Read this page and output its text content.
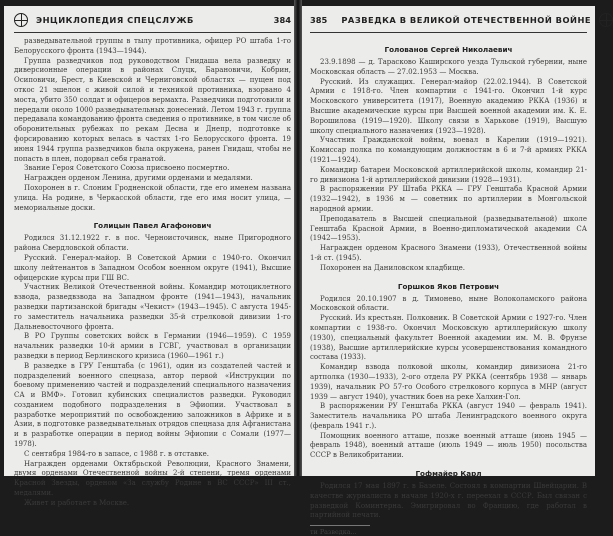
ЭНЦИКЛОПЕДИЯ СПЕЦСЛУЖБ	384

разведывательной группы в тылу противника, офицер РО штаба 1-го Белорусского фронта (1943—1944).

Группа разведчиков под руководством Гнидаша вела разведку и диверсионные операции в районах Слуцк, Барановичи, Кобрин, Осиповичи, Брест, в Киевской и Черниговской областях — пущен под откос 21 эшелон с живой силой и техникой противника, взорвано 4 моста, убито 350 солдат и офицеров вермахта. Разведчики подготовили и передали около 1000 разведывательных донесений. Летом 1943 г. группа передавала командованию фронта сведения о противнике, в том числе об оборонительных рубежах по рекам Десна и Днепр, подготовке к форсированию которых велась в частях 1-го Белорусского фронта. 19 июня 1944 группа разведчиков была окружена, ранен Гнидаш, чтобы не попасть в плен, подорвал себя гранатой.

Звание Героя Советского Союза присвоено посмертно.

Награжден орденом Ленина, другими орденами и медалями.

Похоронен в г. Слоним Гродненской области, где его именем названа улица. На родине, в Черкасской области, где его имя носит улица, — мемориальные доски.

Голицын Павел Агафонович

Родился 31.12.1922 г. в пос. Черноисточинск, ныне Пригородного района Свердловской области.

Русский. Генерал-майор. В Советской Армии с 1940-го. Окончил школу лейтенантов в Западном Особом военном округе (1941), Высшие офицерские курсы при ГШ ВС.

Участник Великой Отечественной войны. Командир мотоциклетного взвода, разведвзвода на Западном фронте (1941—1943), начальник разведки партизанской бригады «Чекист» (1943—1945). С августа 1945-го заместитель начальника разведки 35-й стрелковой дивизии 1-го Дальневосточного фронта.

В РО Группы советских войск в Германии (1946—1959). С 1959 начальник разведки 10-й армии в ГСВГ, участвовал в организации разведки в период Берлинского кризиса (1960—1961 г.)

В разведке в ГРУ Генштаба (с 1961), один из создателей частей и подразделений военного спецназа, автор первой «Инструкции по боевому применению частей и подразделений специального назначения СА и ВМФ». Готовил кубинских специалистов разведки. Руководил созданием подобного подразделения в Эфиопии. Участвовал в разработке мероприятий по освобождению заложников в Африке и в Азии, в подготовке разведывательных отрядов спецназа для Афганистана и в разработке операции в период войны Эфиопии с Сомали (1977—1978).

С сентября 1984-го в запасе, с 1988 г. в отставке.

Награжден орденами Октябрьской Революции, Красного Знамени, двумя орденами Отечественной войны 2-й степени, тремя орденами Красной Звезды, орденом «За службу Родине в ВС СССР» III ст., медалями.

Живет и работает в Москве.

385 РАЗВЕДКА В ВЕЛИКОЙ ОТЕЧЕСТВЕННОЙ ВОЙНЕ
Голованов Сергей Николаевич

23.9.1898 — д. Тарасково Каширского уезда Тульской губернии, ныне Московская область — 27.02.1953 — Москва.

Русский. Из служащих. Генерал-майор (22.02.1944). В Советской Армии с 1918-го. Член компартии с 1941-го. Окончил 1-й курс Московского университета (1917), Военную академию РККА (1936) и Высшие академические курсы при Высшей военной академии им. К. Е. Ворошилова (1919—1920). Школу связи в Харькове (1919), Высшую школу специального назначения (1923—1928).

Участник Гражданской войны, воевал в Карелии (1919—1921). Комиссар полка по командующим должностям в 6 и 7-й армиях РККА (1921—1924).

Командир батареи Московской артиллерийской школы, командир 21-го дивизиона 1-й артиллерийской дивизии (1928—1931).

В распоряжении РУ Штаба РККА — ГРУ Генштаба Красной Армии (1932—1942), в 1936 м — советник по артиллерии в Монгольской народной армии.

Преподаватель в Высшей специальной (разведывательной) школе Генштаба Красной Армии, в Военно-дипломатической академии СА (1942—1953).

Награжден орденом Красного Знамени (1933), Отечественной войны 1-й ст. (1945).

Похоронен на Даниловском кладбище.

Горшков Яков Петрович

Родился 20.10.1907 в д. Тимонево, ныне Волоколамского района Московской области.

Русский. Из крестьян. Полковник. В Советской Армии с 1927-го. Член компартии с 1938-го. Окончил Московскую артиллерийскую школу (1930), специальный факультет Военной академии им. М. В. Фрунзе (1938), Высшие артиллерийские курсы усовершенствования командного состава (1933).

Командир взвода полковой школы, командир дивизиона 21-го артполка (1930—1933), 2-ого отдела РУ РККА (сентябрь 1938 — январь 1939), начальник РО 57-го Особого стрелкового корпуса в МНР (август 1939 — август 1940), участник боев на реке Халхин-Гол.

В распоряжении РУ Генштаба РККА (август 1940 — февраль 1941). Заместитель начальника РО штаба Ленинградского военного округа (февраль 1941 г.).

Помощник военного атташе, позже военный атташе (июнь 1945 — февраль 1948), военный атташе (июль 1949 — июль 1950) посольства СССР в Великобритании.

Гофмайер Карл

Родился 17 мая 1897 г. в Базеле. Состоял в компартии Швейцарии. В качестве журналиста в начале 1920-х г. переехал в СССР. Был связан с разведкой Коминтерна. Эмигрировал во Францию, где работал в партийной печати.

ти Разведка...
